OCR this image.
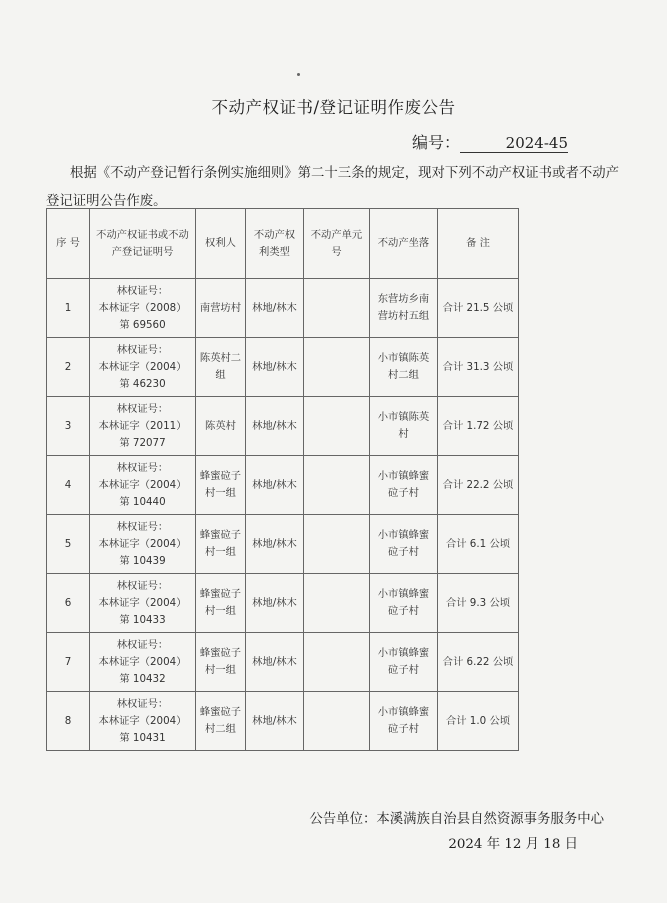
不动产权证书/登记证明作废公告
编号：	2024-45
根据《不动产登记暂行条例实施细则》第二十三条的规定，现对下列不动产权证书或者不动产登记证明公告作废。
序 号	不动产权证书或不动产登记证明号	权利人	不动产权利类型	不动产单元号	不动产坐落	备 注
1	林权证号：
本林证字（2008）
第 69560	南营坊村	林地/林木		东营坊乡南营坊村五组	合计 21.5 公顷
2	林权证号：
本林证字（2004）
第 46230	陈英村二组	林地/林木		小市镇陈英村二组	合计 31.3 公顷
3	林权证号：
本林证字（2011）
第 72077	陈英村	林地/林木		小市镇陈英村	合计 1.72 公顷
4	林权证号：
本林证字（2004）
第 10440	蜂蜜砬子村一组	林地/林木		小市镇蜂蜜砬子村	合计 22.2 公顷
5	林权证号：
本林证字（2004）
第 10439	蜂蜜砬子村一组	林地/林木		小市镇蜂蜜砬子村	合计 6.1 公顷
6	林权证号：
本林证字（2004）
第 10433	蜂蜜砬子村一组	林地/林木		小市镇蜂蜜砬子村	合计 9.3 公顷
7	林权证号：
本林证字（2004）
第 10432	蜂蜜砬子村一组	林地/林木		小市镇蜂蜜砬子村	合计 6.22 公顷
8	林权证号：
本林证字（2004）
第 10431	蜂蜜砬子村二组	林地/林木		小市镇蜂蜜砬子村	合计 1.0 公顷
公告单位：本溪满族自治县自然资源事务服务中心
2024 年 12 月 18 日
